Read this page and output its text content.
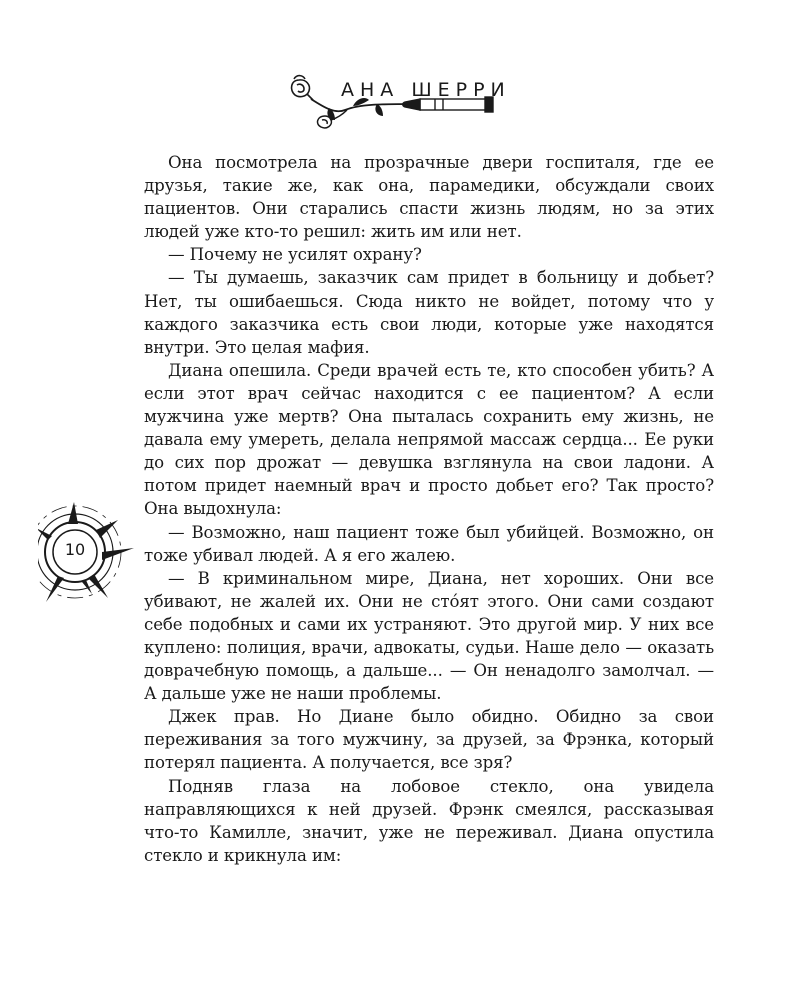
АНА ШЕРРИ

Она посмотрела на прозрачные двери госпиталя, где ее друзья, такие же, как она, парамедики, обсуждали своих пациентов. Они старались спасти жизнь людям, но за этих людей уже кто-то решил: жить им или нет.

— Почему не усилят охрану?

— Ты думаешь, заказчик сам придет в больницу и добьет? Нет, ты ошибаешься. Сюда никто не войдет, потому что у каждого заказчика есть свои люди, которые уже находятся внутри. Это целая мафия.

Диана опешила. Среди врачей есть те, кто способен убить? А если этот врач сейчас находится с ее пациентом? А если мужчина уже мертв? Она пыталась сохранить ему жизнь, не давала ему умереть, делала непрямой массаж сердца... Ее руки до сих пор дрожат — девушка взглянула на свои ладони. А потом придет наемный врач и просто добьет его? Так просто? Она выдохнула:

— Возможно, наш пациент тоже был убийцей. Возможно, он тоже убивал людей. А я его жалею.

— В криминальном мире, Диана, нет хороших. Они все убивают, не жалей их. Они не сто́ят этого. Они сами создают себе подобных и сами их устраняют. Это другой мир. У них все куплено: полиция, врачи, адвокаты, судьи. Наше дело — оказать доврачебную помощь, а дальше... — Он ненадолго замолчал. — А дальше уже не наши проблемы.

Джек прав. Но Диане было обидно. Обидно за свои переживания за того мужчину, за друзей, за Фрэнка, который потерял пациента. А получается, все зря?

Подняв глаза на лобовое стекло, она увидела направляющихся к ней друзей. Фрэнк смеялся, рассказывая что-то Камилле, значит, уже не переживал. Диана опустила стекло и крикнула им:

10
